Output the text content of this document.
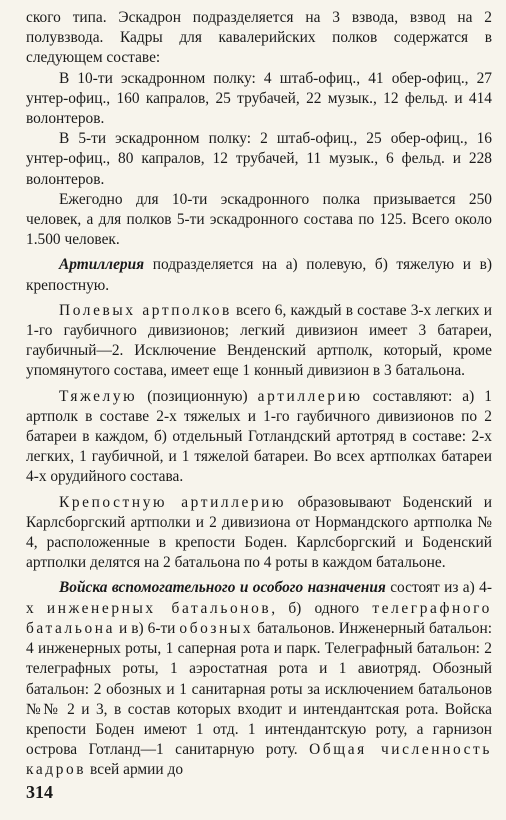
ского типа. Эскадрон подразделяется на 3 взвода, взвод на 2 полувзвода. Кадры для кавалерийских полков содержатся в следующем составе:

В 10-ти эскадронном полку: 4 штаб-офиц., 41 обер-офиц., 27 унтер-офиц., 160 капралов, 25 трубачей, 22 музык., 12 фельд. и 414 волонтеров.

В 5-ти эскадронном полку: 2 штаб-офиц., 25 обер-офиц., 16 унтер-офиц., 80 капралов, 12 трубачей, 11 музык., 6 фельд. и 228 волонтеров.

Ежегодно для 10-ти эскадронного полка призывается 250 человек, а для полков 5-ти эскадронного состава по 125. Всего около 1.500 человек.

Артиллерия подразделяется на а) полевую, б) тяжелую и в) крепостную.

Полевых артполков всего 6, каждый в составе 3-х легких и 1-го гаубичного дивизионов; легкий дивизион имеет 3 батареи, гаубичный—2. Исключение Венденский артполк, который, кроме упомянутого состава, имеет еще 1 конный дивизион в 3 батальона.

Тяжелую (позиционную) артиллерию составляют: а) 1 артполк в составе 2-х тяжелых и 1-го гаубичного дивизионов по 2 батареи в каждом, б) отдельный Готландский артотряд в составе: 2-х легких, 1 гаубичной, и 1 тяжелой батареи. Во всех артполках батареи 4-х орудийного состава.

Крепостную артиллерию образовывают Боденский и Карлсборгский артполки и 2 дивизиона от Нормандского артполка № 4, расположенные в крепости Боден. Карлсборгский и Боденский артполки делятся на 2 батальона по 4 роты в каждом батальоне.

Войска вспомогательного и особого назначения состоят из а) 4-х инженерных батальонов, б) одного телеграфного батальона и в) 6-ти обозных батальонов. Инженерный батальон: 4 инженерных роты, 1 саперная рота и парк. Телеграфный батальон: 2 телеграфных роты, 1 аэростатная рота и 1 авиотряд. Обозный батальон: 2 обозных и 1 санитарная роты за исключением батальонов №№ 2 и 3, в состав которых входит и интендантская рота. Войска крепости Боден имеют 1 отд. 1 интендантскую роту, а гарнизон острова Готланд—1 санитарную роту. Общая численность кадров всей армии до

314
